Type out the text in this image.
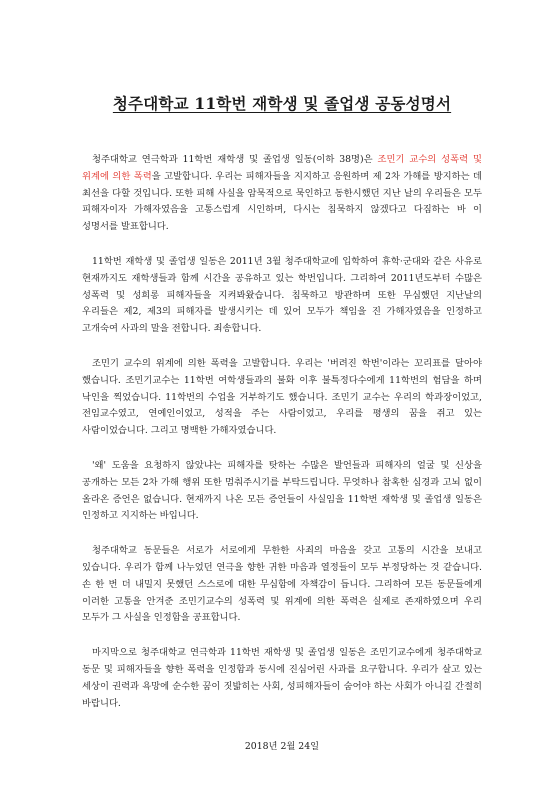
청주대학교 11학번 재학생 및 졸업생 공동성명서

청주대학교 연극학과 11학번 재학생 및 졸업생 일동(이하 38명)은 조민기 교수의 성폭력 및 위계에 의한 폭력을 고발합니다. 우리는 피해자들을 지지하고 응원하며 제 2차 가해를 방지하는 데 최선을 다할 것입니다. 또한 피해 사실을 암묵적으로 묵인하고 동한시했던 지난 날의 우리들은 모두 피해자이자 가해자였음을 고통스럽게 시인하며, 다시는 침묵하지 않겠다고 다짐하는 바 이 성명서를 발표합니다.

11학번 재학생 및 졸업생 일동은 2011년 3월 청주대학교에 입학하여 휴학·군대와 같은 사유로 현재까지도 재학생들과 함께 시간을 공유하고 있는 학번입니다. 그리하여 2011년도부터 수많은 성폭력 및 성희롱 피해자들을 지켜봐왔습니다. 침묵하고 방관하며 또한 무심했던 지난날의 우리들은 제2, 제3의 피해자를 발생시키는 데 있어 모두가 책임을 진 가해자였음을 인정하고 고개숙여 사과의 말을 전합니다. 죄송합니다.

조민기 교수의 위계에 의한 폭력을 고발합니다. 우리는 '버려진 학번'이라는 꼬리표를 달아야 했습니다. 조민기교수는 11학번 여학생들과의 불화 이후 불특정다수에게 11학번의 험담을 하며 낙인을 찍었습니다. 11학번의 수업을 거부하기도 했습니다. 조민기 교수는 우리의 학과장이었고, 전임교수였고, 연예인이었고, 성적을 주는 사람이었고, 우리를 평생의 꿈을 쥐고 있는 사람이었습니다. 그리고 명백한 가해자였습니다.

'왜' 도움을 요청하지 않았냐는 피해자를 탓하는 수많은 발언들과 피해자의 얼굴 및 신상을 공개하는 모든 2차 가해 행위 또한 멈춰주시기를 부탁드립니다. 무엇하나 참혹한 심경과 고뇌 없이 올라온 증언은 없습니다. 현재까지 나온 모든 증언들이 사실임을 11학번 재학생 및 졸업생 일동은 인정하고 지지하는 바입니다.

청주대학교 동문들은 서로가 서로에게 무한한 사죄의 마음을 갖고 고통의 시간을 보내고 있습니다. 우리가 함께 나누었던 연극을 향한 귀한 마음과 열정들이 모두 부정당하는 것 같습니다. 손 한 번 더 내밀지 못했던 스스로에 대한 무심함에 자책감이 듭니다. 그리하여 모든 동문들에게 이러한 고통을 안겨준 조민기교수의 성폭력 및 위계에 의한 폭력은 실제로 존재하였으며 우리 모두가 그 사실을 인정함을 공표합니다.

마지막으로 청주대학교 연극학과 11학번 재학생 및 졸업생 일동은 조민기교수에게 청주대학교 동문 및 피해자들을 향한 폭력을 인정함과 동시에 진심어린 사과를 요구합니다. 우리가 살고 있는 세상이 권력과 욕망에 순수한 꿈이 짓밟히는 사회, 성피해자들이 숨어야 하는 사회가 아니길 간절히 바랍니다.

2018년 2월 24일
